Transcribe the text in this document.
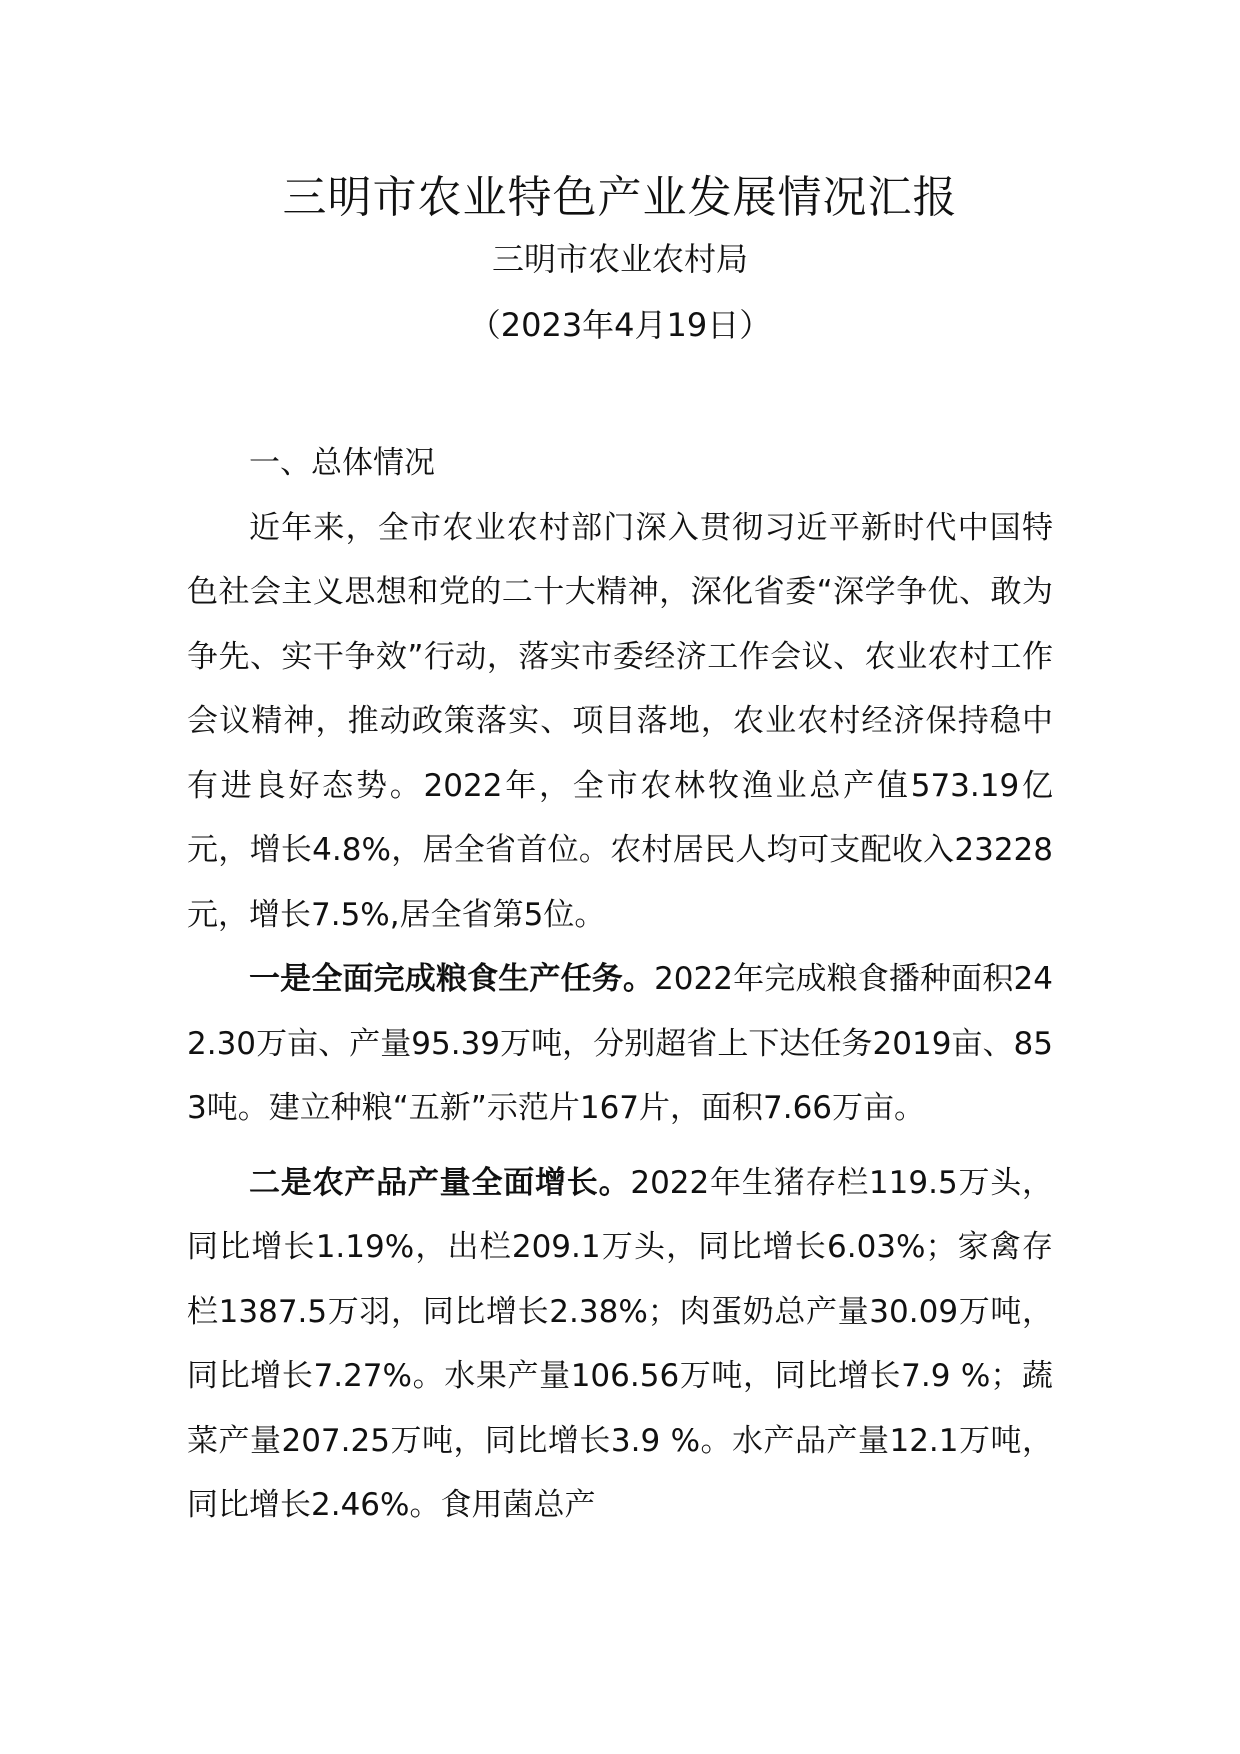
三明市农业特色产业发展情况汇报
三明市农业农村局
（2023年4月19日）

一、总体情况

近年来，全市农业农村部门深入贯彻习近平新时代中国特色社会主义思想和党的二十大精神，深化省委“深学争优、敢为争先、实干争效”行动，落实市委经济工作会议、农业农村工作会议精神，推动政策落实、项目落地，农业农村经济保持稳中有进良好态势。2022年，全市农林牧渔业总产值573.19亿元，增长4.8%，居全省首位。农村居民人均可支配收入23228元，增长7.5%,居全省第5位。

一是全面完成粮食生产任务。2022年完成粮食播种面积242.30万亩、产量95.39万吨，分别超省上下达任务2019亩、853吨。建立种粮“五新”示范片167片，面积7.66万亩。

二是农产品产量全面增长。2022年生猪存栏119.5万头，同比增长1.19%，出栏209.1万头，同比增长6.03%；家禽存栏1387.5万羽，同比增长2.38%；肉蛋奶总产量30.09万吨，同比增长7.27%。水果产量106.56万吨，同比增长7.9 %；蔬菜产量207.25万吨，同比增长3.9 %。水产品产量12.1万吨，同比增长2.46%。食用菌总产
